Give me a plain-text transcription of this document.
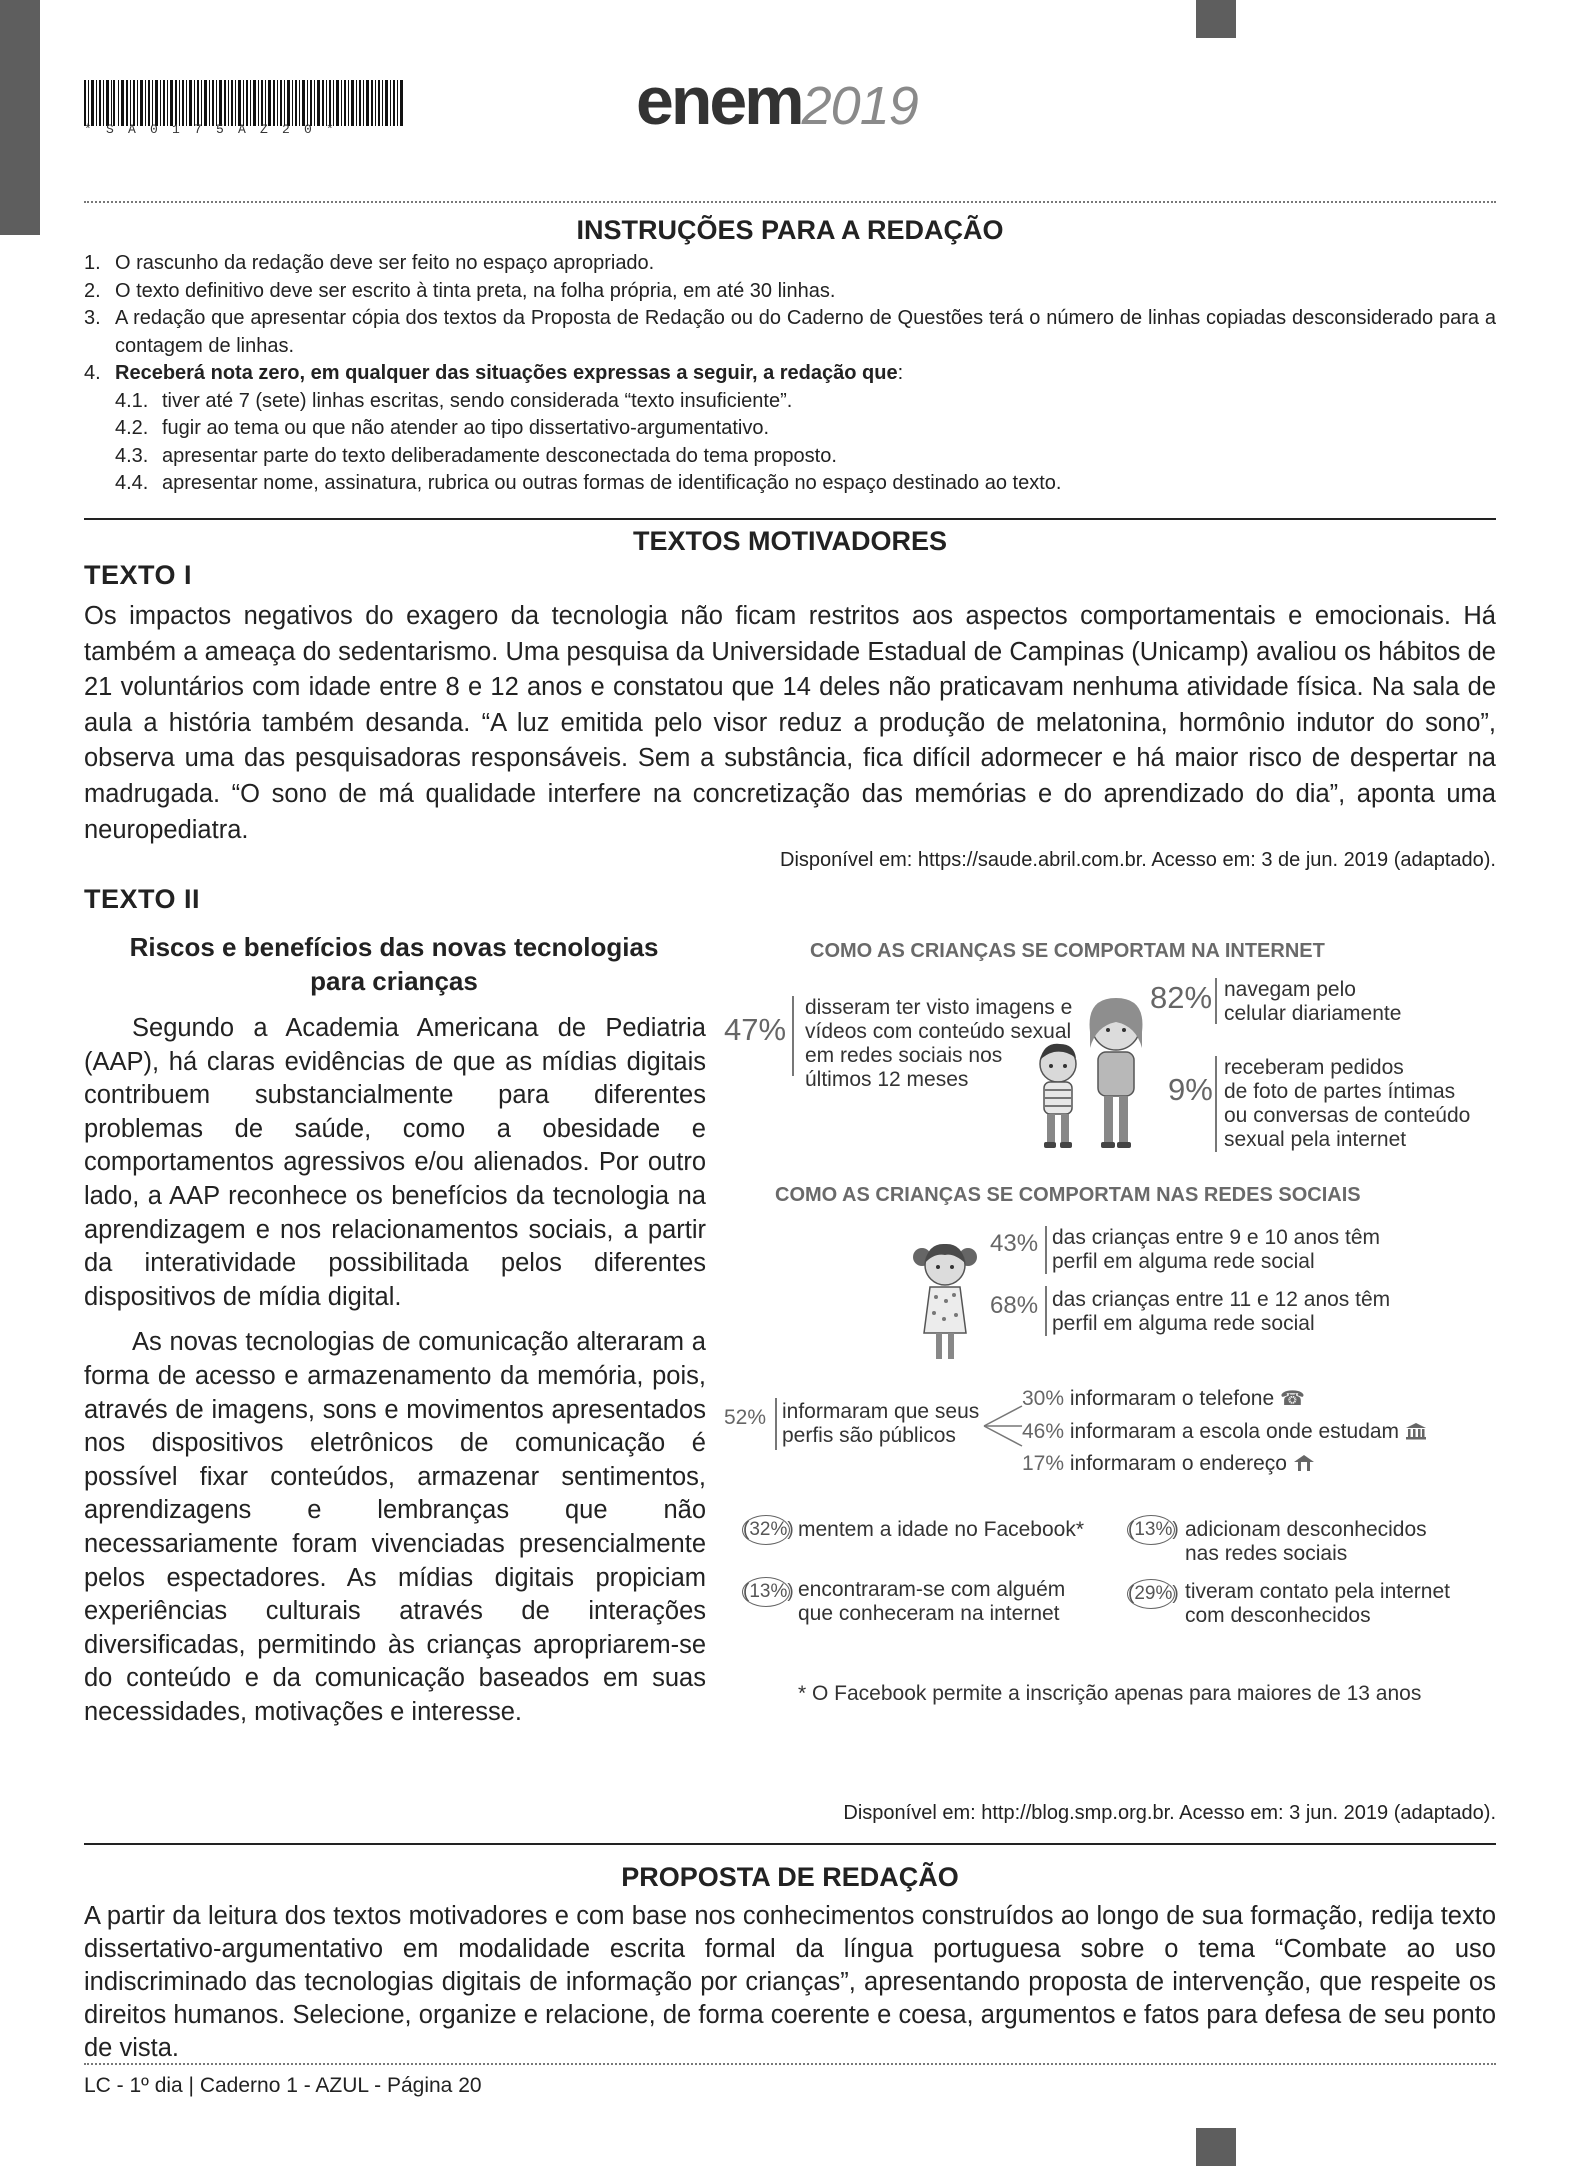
*SA0175AZ20*	enem2019
INSTRUÇÕES PARA A REDAÇÃO
1. O rascunho da redação deve ser feito no espaço apropriado.
2. O texto definitivo deve ser escrito à tinta preta, na folha própria, em até 30 linhas.
3. A redação que apresentar cópia dos textos da Proposta de Redação ou do Caderno de Questões terá o número de linhas copiadas desconsiderado para a contagem de linhas.
4. Receberá nota zero, em qualquer das situações expressas a seguir, a redação que:
4.1. tiver até 7 (sete) linhas escritas, sendo considerada “texto insuficiente”.
4.2. fugir ao tema ou que não atender ao tipo dissertativo-argumentativo.
4.3. apresentar parte do texto deliberadamente desconectada do tema proposto.
4.4. apresentar nome, assinatura, rubrica ou outras formas de identificação no espaço destinado ao texto.
TEXTOS MOTIVADORES
TEXTO I
Os impactos negativos do exagero da tecnologia não ficam restritos aos aspectos comportamentais e emocionais. Há também a ameaça do sedentarismo. Uma pesquisa da Universidade Estadual de Campinas (Unicamp) avaliou os hábitos de 21 voluntários com idade entre 8 e 12 anos e constatou que 14 deles não praticavam nenhuma atividade física. Na sala de aula a história também desanda. “A luz emitida pelo visor reduz a produção de melatonina, hormônio indutor do sono”, observa uma das pesquisadoras responsáveis. Sem a substância, fica difícil adormecer e há maior risco de despertar na madrugada. “O sono de má qualidade interfere na concretização das memórias e do aprendizado do dia”, aponta uma neuropediatra.
Disponível em: https://saude.abril.com.br. Acesso em: 3 de jun. 2019 (adaptado).
TEXTO II
Riscos e benefícios das novas tecnologias
para crianças

Segundo a Academia Americana de Pediatria (AAP), há claras evidências de que as mídias digitais contribuem substancialmente para diferentes problemas de saúde, como a obesidade e comportamentos agressivos e/ou alienados. Por outro lado, a AAP reconhece os benefícios da tecnologia na aprendizagem e nos relacionamentos sociais, a partir da interatividade possibilitada pelos diferentes dispositivos de mídia digital.

As novas tecnologias de comunicação alteraram a forma de acesso e armazenamento da memória, pois, através de imagens, sons e movimentos apresentados nos dispositivos eletrônicos de comunicação é possível fixar conteúdos, armazenar sentimentos, aprendizagens e lembranças que não necessariamente foram vivenciadas presencialmente pelos espectadores. As mídias digitais propiciam experiências culturais através de interações diversificadas, permitindo às crianças apropriarem-se do conteúdo e da comunicação baseados em suas necessidades, motivações e interesse.

COMO AS CRIANÇAS SE COMPORTAM NA INTERNET
47%
disseram ter visto imagens e
vídeos com conteúdo sexual
em redes sociais nos
últimos 12 meses
82% navegam pelo
celular diariamente
9%
receberam pedidos
de foto de partes íntimas
ou conversas de conteúdo
sexual pela internet
COMO AS CRIANÇAS SE COMPORTAM NAS REDES SOCIAIS
43% das crianças entre 9 e 10 anos têm
perfil em alguma rede social
68% das crianças entre 11 e 12 anos têm
perfil em alguma rede social
52% informaram que seus
perfis são públicos
30% informaram o telefone ☎
46% informaram a escola onde estudam
17% informaram o endereço
(32%) mentem a idade no Facebook* (13%) adicionam desconhecidos
nas redes sociais
(13%) encontraram-se com alguém
que conheceram na internet
(29%) tiveram contato pela internet
com desconhecidos
* O Facebook permite a inscrição apenas para maiores de 13 anos
Disponível em: http://blog.smp.org.br. Acesso em: 3 jun. 2019 (adaptado).
PROPOSTA DE REDAÇÃO
A partir da leitura dos textos motivadores e com base nos conhecimentos construídos ao longo de sua formação, redija texto dissertativo-argumentativo em modalidade escrita formal da língua portuguesa sobre o tema “Combate ao uso indiscriminado das tecnologias digitais de informação por crianças”, apresentando proposta de intervenção, que respeite os direitos humanos. Selecione, organize e relacione, de forma coerente e coesa, argumentos e fatos para defesa de seu ponto de vista.
LC - 1º dia | Caderno 1 - AZUL - Página 20
